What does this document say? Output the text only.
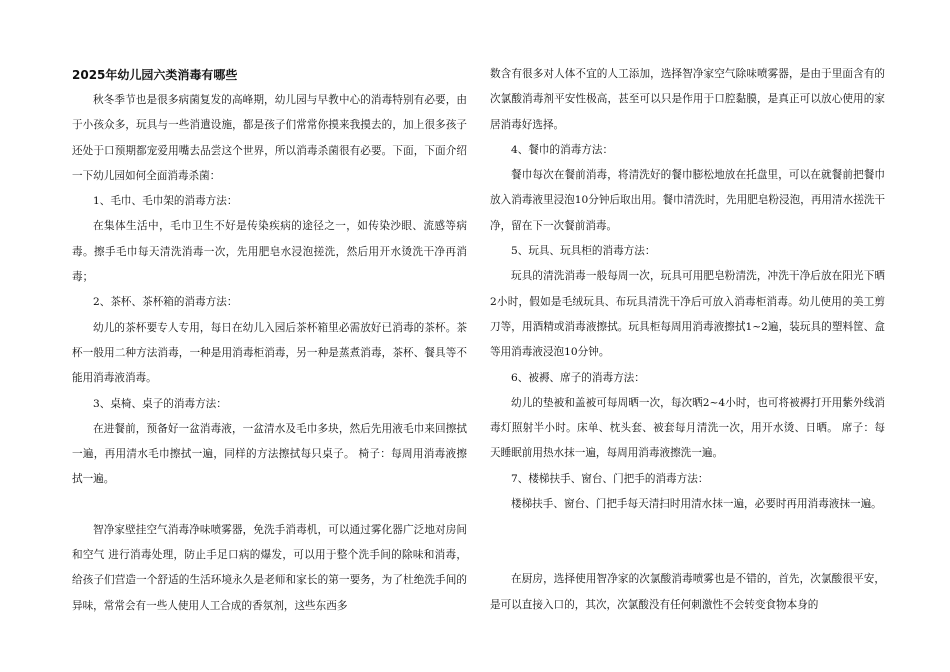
2025年幼儿园六类消毒有哪些

秋冬季节也是很多病菌复发的高峰期，幼儿园与早教中心的消毒特别有必要，由于小孩众多，玩具与一些消遣设施，都是孩子们常常你摸来我摸去的，加上很多孩子还处于口预期都宠爱用嘴去品尝这个世界，所以消毒杀菌很有必要。下面，下面介绍一下幼儿园如何全面消毒杀菌：

1、毛巾、毛巾架的消毒方法：

在集体生活中，毛巾卫生不好是传染疾病的途径之一，如传染沙眼、流感等病毒。擦手毛巾每天清洗消毒一次，先用肥皂水浸泡搓洗，然后用开水烫洗干净再消毒；

2、茶杯、茶杯箱的消毒方法：

幼儿的茶杯要专人专用，每日在幼儿入园后茶杯箱里必需放好已消毒的茶杯。茶杯一般用二种方法消毒，一种是用消毒柜消毒，另一种是蒸煮消毒，茶杯、餐具等不能用消毒液消毒。

3、桌椅、桌子的消毒方法：

在进餐前，预备好一盆消毒液，一盆清水及毛巾多块，然后先用液毛巾来回擦拭一遍，再用清水毛巾擦拭一遍，同样的方法擦拭每只桌子。 椅子：每周用消毒液擦拭一遍。

智净家壁挂空气消毒净味喷雾器，免洗手消毒机，可以通过雾化器广泛地对房间和空气 进行消毒处理，防止手足口病的爆发，可以用于整个洗手间的除味和消毒，给孩子们营造一个舒适的生活环境永久是老师和家长的第一要务，为了杜绝洗手间的异味，常常会有一些人使用人工合成的香氛剂，这些东西多

数含有很多对人体不宜的人工添加，选择智净家空气除味喷雾器，是由于里面含有的次氯酸消毒剂平安性极高，甚至可以只是作用于口腔黏膜，是真正可以放心使用的家居消毒好选择。

4、餐巾的消毒方法：

餐巾每次在餐前消毒，将清洗好的餐巾膨松地放在托盘里，可以在就餐前把餐巾放入消毒液里浸泡10分钟后取出用。餐巾清洗时，先用肥皂粉浸泡，再用清水搓洗干净，留在下一次餐前消毒。

5、玩具、玩具柜的消毒方法：

玩具的清洗消毒一般每周一次，玩具可用肥皂粉清洗，冲洗干净后放在阳光下晒2小时，假如是毛绒玩具、布玩具清洗干净后可放入消毒柜消毒。幼儿使用的美工剪刀等，用酒精或消毒液擦拭。玩具柜每周用消毒液擦拭1~2遍，装玩具的塑料筐、盒等用消毒液浸泡10分钟。

6、被褥、席子的消毒方法：

幼儿的垫被和盖被可每周晒一次，每次晒2~4小时，也可将被褥打开用紫外线消毒灯照射半小时。床单、枕头套、被套每月清洗一次，用开水烫、日晒。 席子：每天睡眠前用热水抹一遍，每周用消毒液擦洗一遍。

7、楼梯扶手、窗台、门把手的消毒方法：

楼梯扶手、窗台、门把手每天清扫时用清水抹一遍，必要时再用消毒液抹一遍。

在厨房，选择使用智净家的次氯酸消毒喷雾也是不错的，首先，次氯酸很平安，是可以直接入口的，其次，次氯酸没有任何刺激性不会转变食物本身的
